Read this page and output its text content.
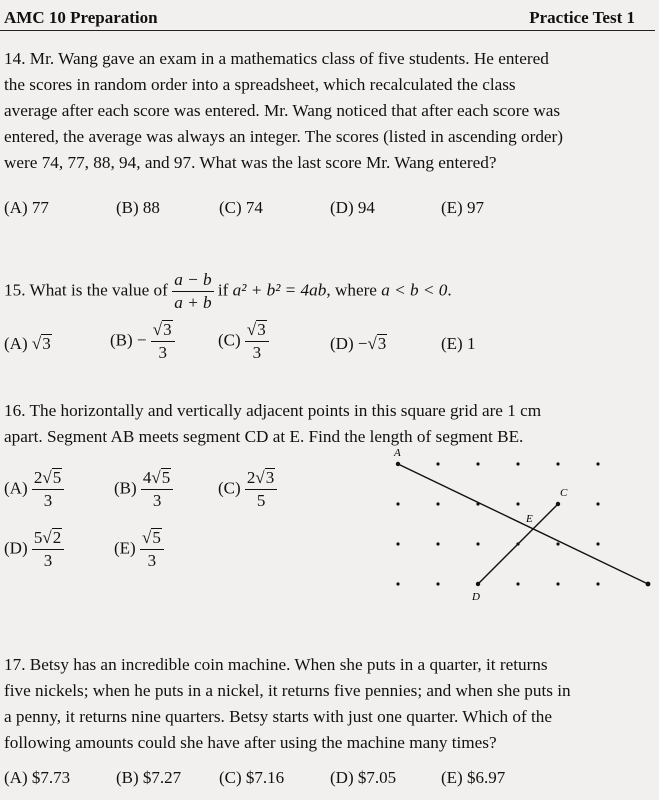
AMC 10 Preparation	Practice Test 1
14. Mr. Wang gave an exam in a mathematics class of five students. He entered
the scores in random order into a spreadsheet, which recalculated the class
average after each score was entered. Mr. Wang noticed that after each score was
entered, the average was always an integer. The scores (listed in ascending order)
were 74, 77, 88, 94, and 97. What was the last score Mr. Wang entered?
(A) 77	(B) 88	(C) 74	(D) 94	(E) 97
15. What is the value of $\frac{a - b}{a + b}$ if a² + b² = 4ab, where a < b < 0.
(A) √3	$(B) - \frac{√3}{3}$	$(C) \frac{√3}{3}$	(D) −√3	(E) 1
16. The horizontally and vertically adjacent points in this square grid are 1 cm
apart. Segment AB meets segment CD at E. Find the length of segment BE.
$(A) \frac{2√5}{3}$	$(B) \frac{4√5}{3}$	$(C) \frac{2√3}{5}$
$(D) \frac{5√2}{3}$	$(E) \frac{√5}{3}$
A
C
E
D
17. Betsy has an incredible coin machine. When she puts in a quarter, it returns
five nickels; when he puts in a nickel, it returns five pennies; and when she puts in
a penny, it returns nine quarters. Betsy starts with just one quarter. Which of the
following amounts could she have after using the machine many times?
(A) $7.73	(B) $7.27 (C) $7.16	(D) $7.05	(E) $6.97
